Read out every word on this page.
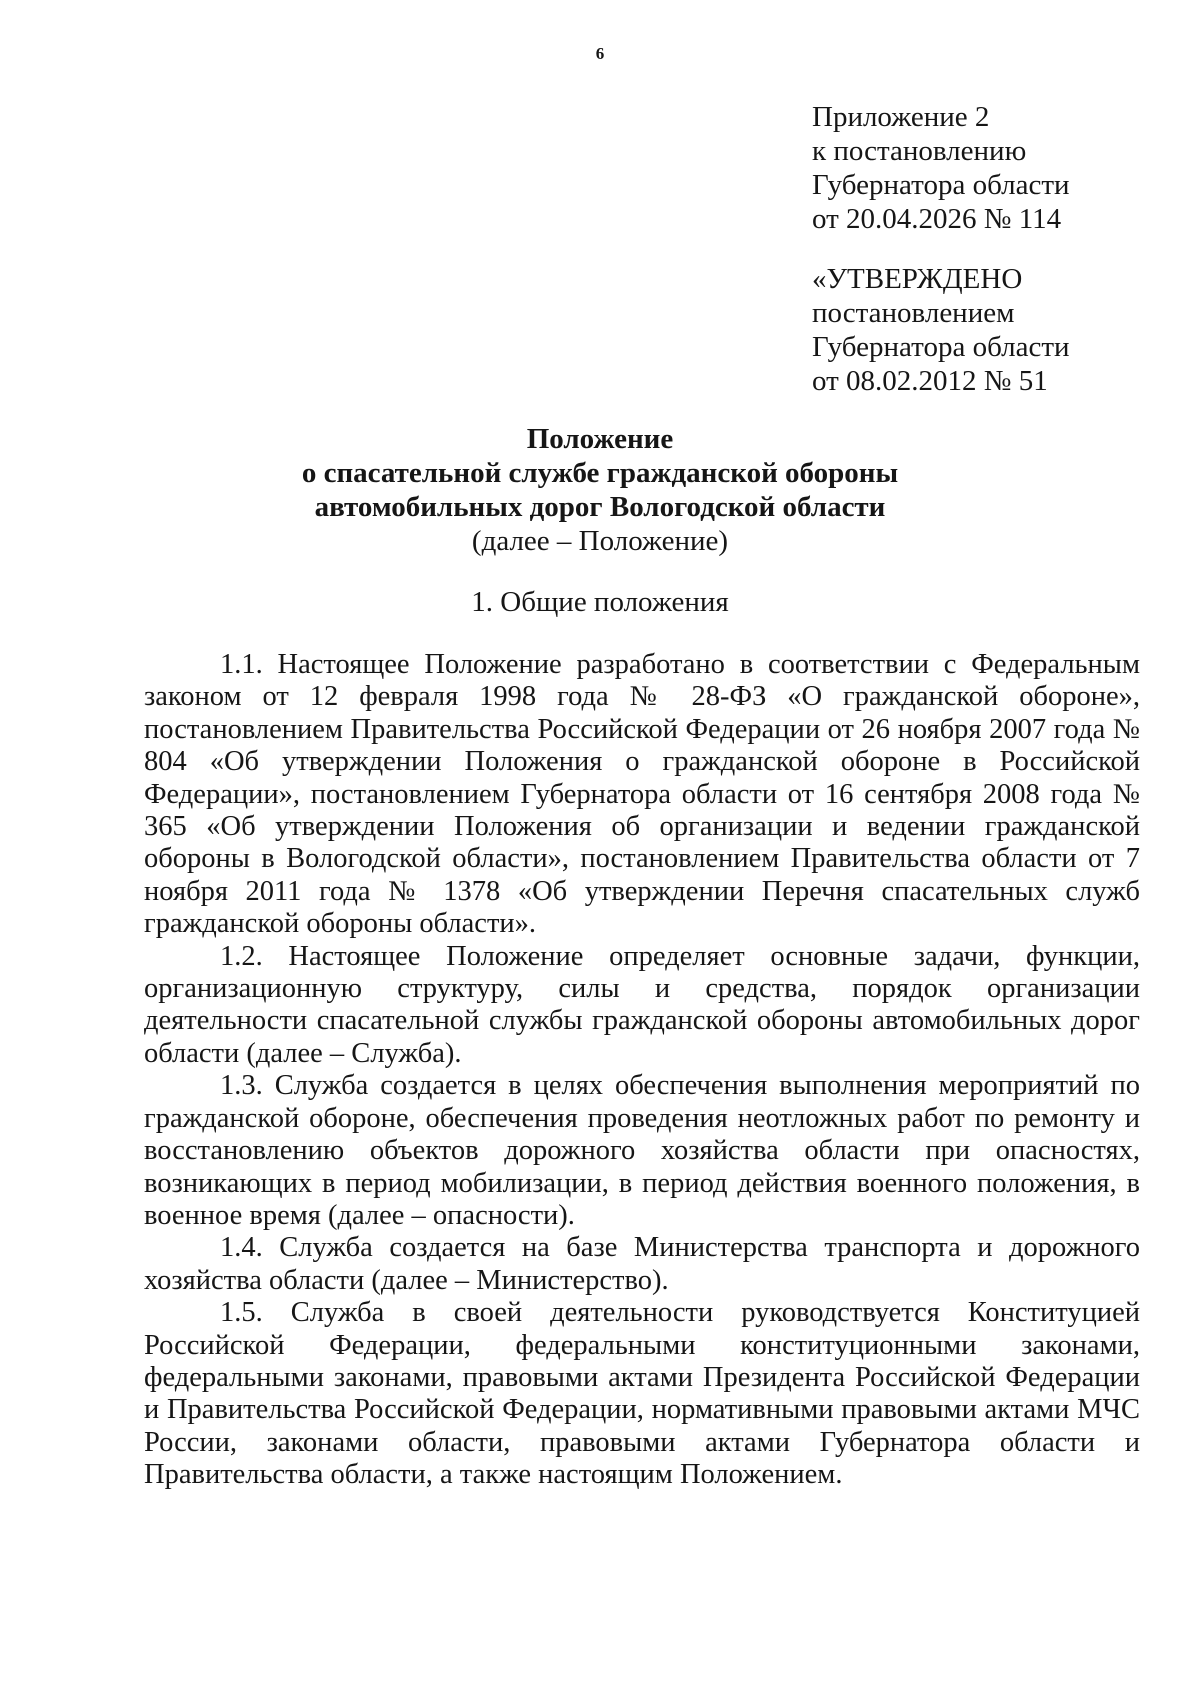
6
Приложение 2
к постановлению
Губернатора области
от 20.04.2026 № 114
«УТВЕРЖДЕНО
постановлением
Губернатора области
от 08.02.2012 № 51
Положение
о спасательной службе гражданской обороны
автомобильных дорог Вологодской области
(далее – Положение)
1. Общие положения

1.1. Настоящее Положение разработано в соответствии с Федеральным законом от 12 февраля 1998 года № 28-ФЗ «О гражданской обороне», постановлением Правительства Российской Федерации от 26 ноября 2007 года № 804 «Об утверждении Положения о гражданской обороне в Российской Федерации», постановлением Губернатора области от 16 сентября 2008 года № 365 «Об утверждении Положения об организации и ведении гражданской обороны в Вологодской области», постановлением Правительства области от 7 ноября 2011 года № 1378 «Об утверждении Перечня спасательных служб гражданской обороны области».

1.2. Настоящее Положение определяет основные задачи, функции, организационную структуру, силы и средства, порядок организации деятельности спасательной службы гражданской обороны автомобильных дорог области (далее – Служба).

1.3. Служба создается в целях обеспечения выполнения мероприятий по гражданской обороне, обеспечения проведения неотложных работ по ремонту и восстановлению объектов дорожного хозяйства области при опасностях, возникающих в период мобилизации, в период действия военного положения, в военное время (далее – опасности).

1.4. Служба создается на базе Министерства транспорта и дорожного хозяйства области (далее – Министерство).

1.5. Служба в своей деятельности руководствуется Конституцией Российской Федерации, федеральными конституционными законами, федеральными законами, правовыми актами Президента Российской Федерации и Правительства Российской Федерации, нормативными правовыми актами МЧС России, законами области, правовыми актами Губернатора области и Правительства области, а также настоящим Положением.
